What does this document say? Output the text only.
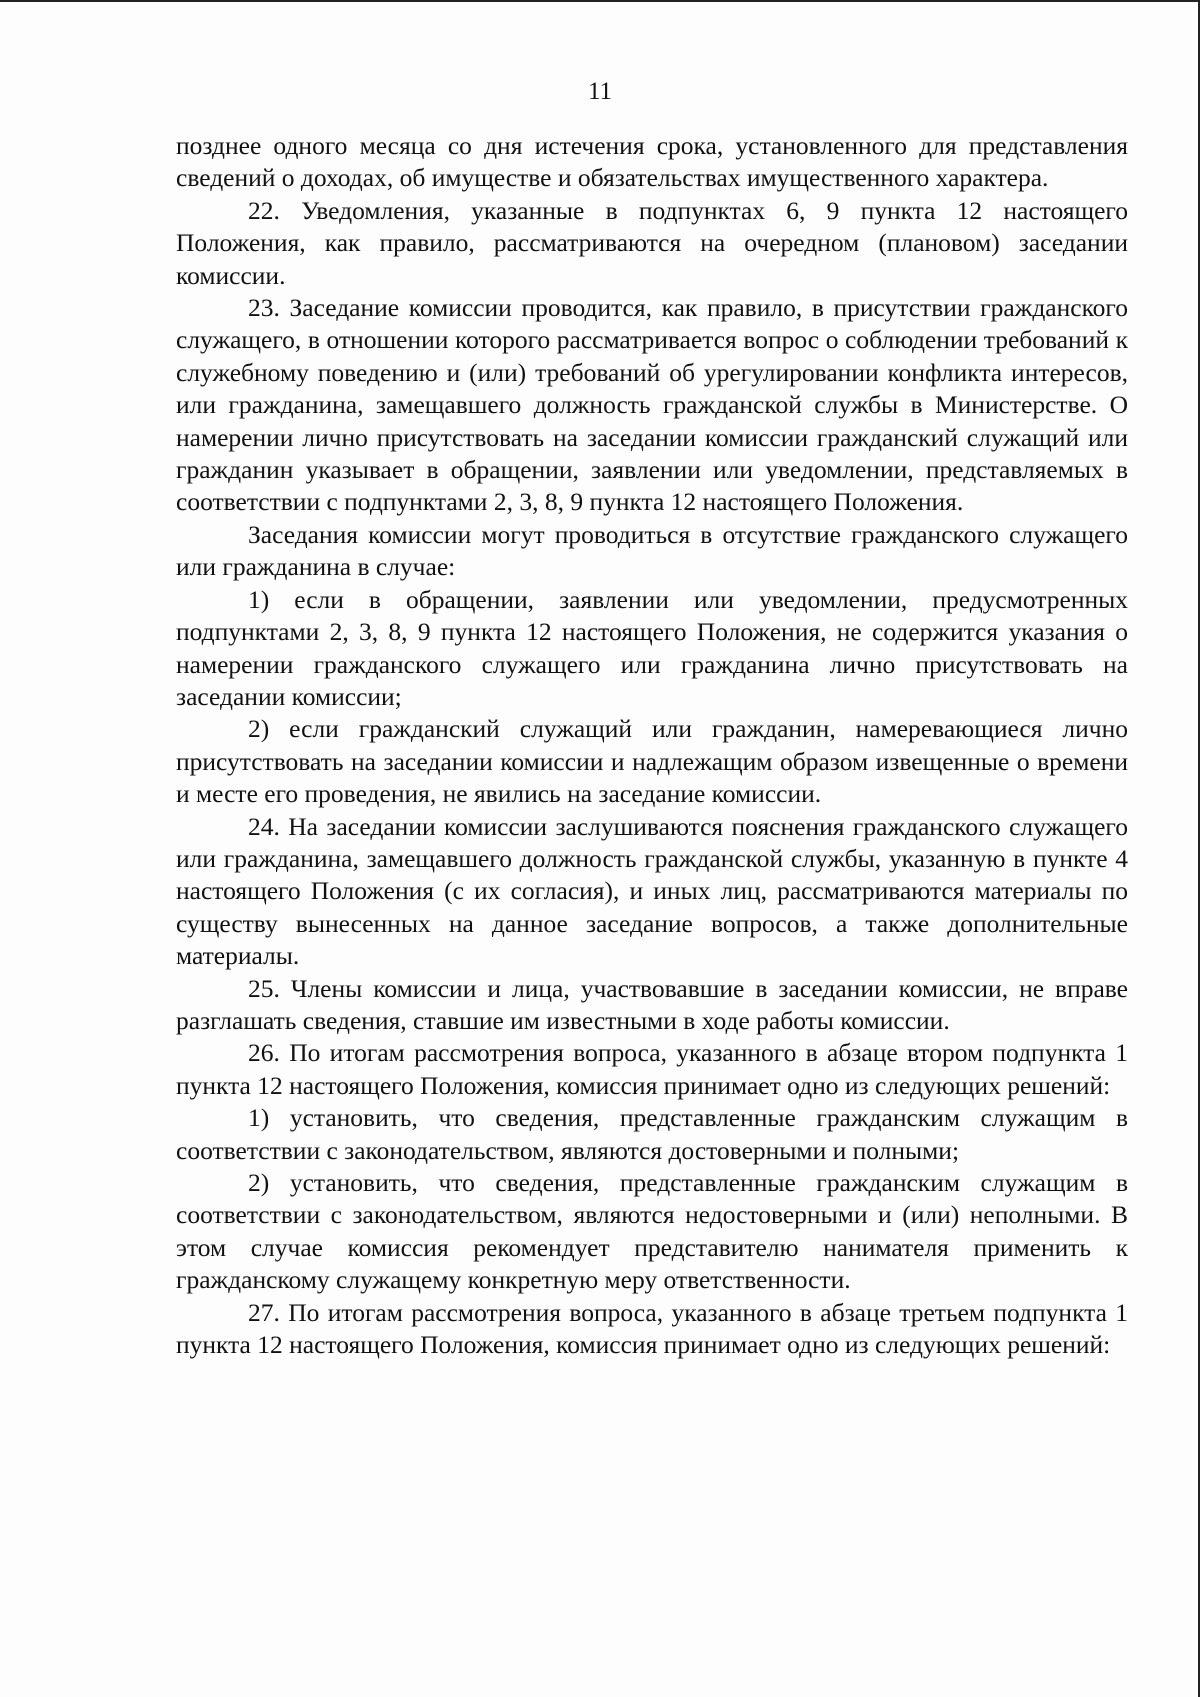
11

позднее одного месяца со дня истечения срока, установленного для представления сведений о доходах, об имуществе и обязательствах имущественного характера.

22. Уведомления, указанные в подпунктах 6, 9 пункта 12 настоящего Положения, как правило, рассматриваются на очередном (плановом) заседании комиссии.

23. Заседание комиссии проводится, как правило, в присутствии гражданского служащего, в отношении которого рассматривается вопрос о соблюдении требований к служебному поведению и (или) требований об урегулировании конфликта интересов, или гражданина, замещавшего должность гражданской службы в Министерстве. О намерении лично присутствовать на заседании комиссии гражданский служащий или гражданин указывает в обращении, заявлении или уведомлении, представляемых в соответствии с подпунктами 2, 3, 8, 9 пункта 12 настоящего Положения.

Заседания комиссии могут проводиться в отсутствие гражданского служащего или гражданина в случае:

1) если в обращении, заявлении или уведомлении, предусмотренных подпунктами 2, 3, 8, 9 пункта 12 настоящего Положения, не содержится указания о намерении гражданского служащего или гражданина лично присутствовать на заседании комиссии;

2) если гражданский служащий или гражданин, намеревающиеся лично присутствовать на заседании комиссии и надлежащим образом извещенные о времени и месте его проведения, не явились на заседание комиссии.

24. На заседании комиссии заслушиваются пояснения гражданского служащего или гражданина, замещавшего должность гражданской службы, указанную в пункте 4 настоящего Положения (с их согласия), и иных лиц, рассматриваются материалы по существу вынесенных на данное заседание вопросов, а также дополнительные материалы.

25. Члены комиссии и лица, участвовавшие в заседании комиссии, не вправе разглашать сведения, ставшие им известными в ходе работы комиссии.

26. По итогам рассмотрения вопроса, указанного в абзаце втором подпункта 1 пункта 12 настоящего Положения, комиссия принимает одно из следующих решений:

1) установить, что сведения, представленные гражданским служащим в соответствии с законодательством, являются достоверными и полными;

2) установить, что сведения, представленные гражданским служащим в соответствии с законодательством, являются недостоверными и (или) неполными. В этом случае комиссия рекомендует представителю нанимателя применить к гражданскому служащему конкретную меру ответственности.

27. По итогам рассмотрения вопроса, указанного в абзаце третьем подпункта 1 пункта 12 настоящего Положения, комиссия принимает одно из следующих решений:
